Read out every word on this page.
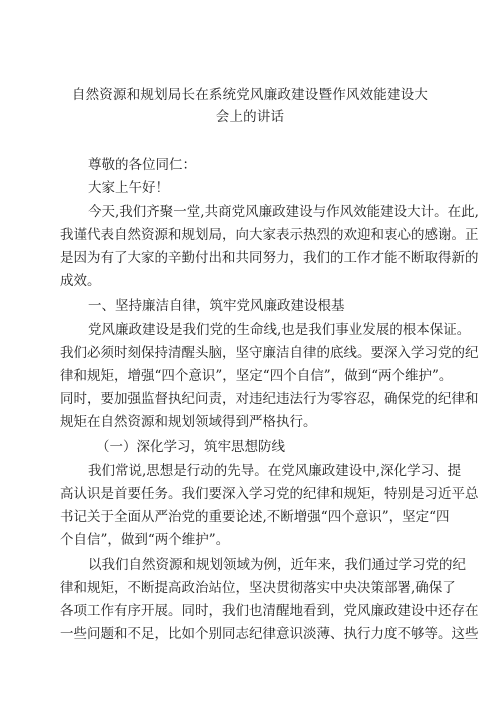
自然资源和规划局长在系统党风廉政建设暨作风效能建设大
会上的讲话
尊敬的各位同仁：
大家上午好！
今天,我们齐聚一堂,共商党风廉政建设与作风效能建设大计。在此,
我谨代表自然资源和规划局，向大家表示热烈的欢迎和衷心的感谢。正
是因为有了大家的辛勤付出和共同努力，我们的工作才能不断取得新的
成效。
一、坚持廉洁自律，筑牢党风廉政建设根基
党风廉政建设是我们党的生命线,也是我们事业发展的根本保证。
我们必须时刻保持清醒头脑，坚守廉洁自律的底线。要深入学习党的纪
律和规矩，增强“四个意识”，坚定“四个自信”，做到“两个维护”。
同时，要加强监督执纪问责，对违纪违法行为零容忍，确保党的纪律和
规矩在自然资源和规划领域得到严格执行。
（一）深化学习，筑牢思想防线
我们常说,思想是行动的先导。在党风廉政建设中,深化学习、提
高认识是首要任务。我们要深入学习党的纪律和规矩，特别是习近平总
书记关于全面从严治党的重要论述,不断增强“四个意识”，坚定“四
个自信”，做到“两个维护”。
以我们自然资源和规划领域为例，近年来，我们通过学习党的纪
律和规矩，不断提高政治站位，坚决贯彻落实中央决策部署,确保了
各项工作有序开展。同时，我们也清醒地看到，党风廉政建设中还存在
一些问题和不足，比如个别同志纪律意识淡薄、执行力度不够等。这些
